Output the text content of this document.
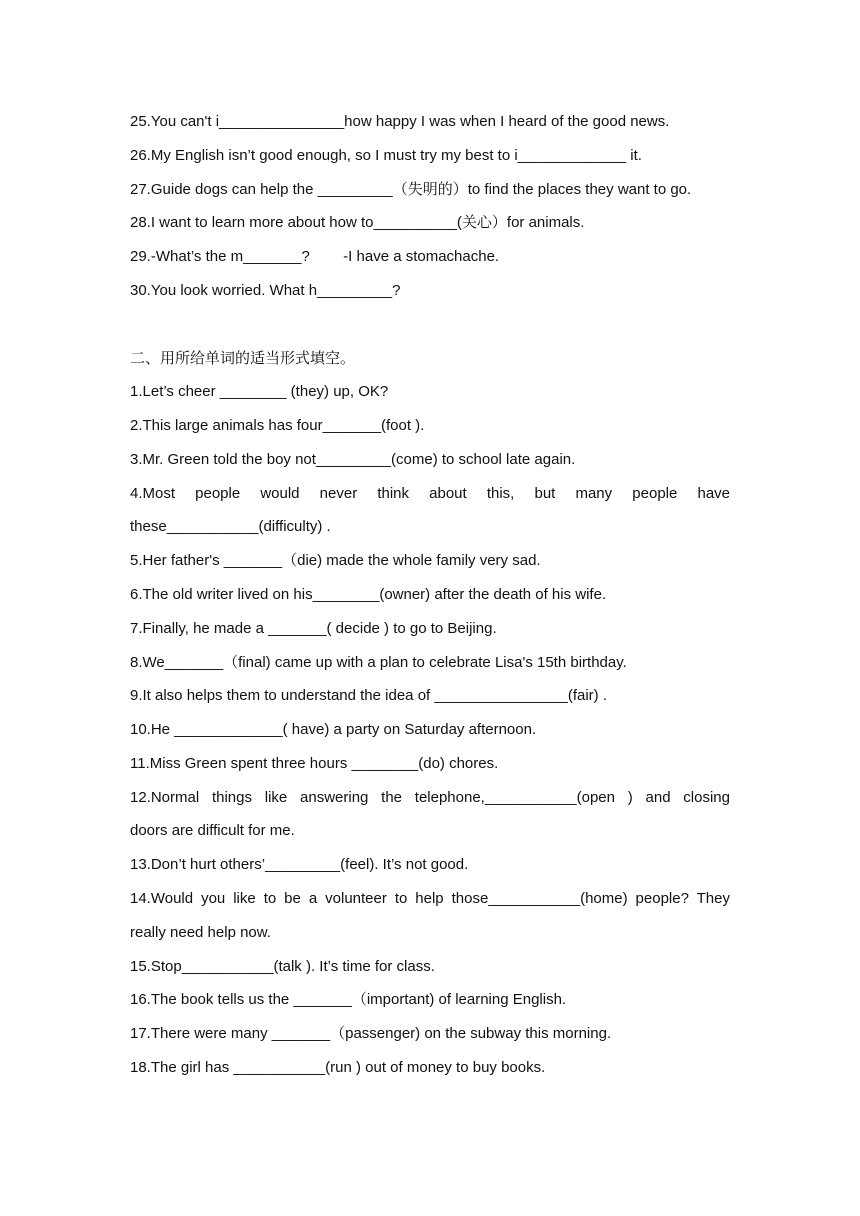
25.You can't i_______________how happy I was when I heard of the good news.
26.My English isn’t good enough, so I must try my best to i_____________ it.
27.Guide dogs can help the _________（失明的）to find the places they want to go.
28.I want to learn more about how to__________(关心）for animals.
29.-What’s the m_______?        -I have a stomachache.
30.You look worried. What h_________?
二、用所给单词的适当形式填空。
1.Let’s cheer ________ (they) up, OK?
2.This large animals has four_______(foot ).
3.Mr. Green told the boy not_________(come) to school late again.
4.Most people would never think about this, but many people have
these___________(difficulty) .
5.Her father's _______（die) made the whole family very sad.
6.The old writer lived on his________(owner) after the death of his wife.
7.Finally, he made a _______( decide ) to go to Beijing.
8.We_______（final) came up with a plan to celebrate Lisa's 15th birthday.
9.It also helps them to understand the idea of ________________(fair) .
10.He _____________( have) a party on Saturday afternoon.
11.Miss Green spent three hours ________(do) chores.
12.Normal things like answering the telephone,___________(open ) and closing
doors are difficult for me.
13.Don’t hurt others’_________(feel). It’s not good.
14.Would you like to be a volunteer to help those___________(home) people? They
really need help now.
15.Stop___________(talk ). It’s time for class.
16.The book tells us the _______（important) of learning English.
17.There were many _______（passenger) on the subway this morning.
18.The girl has ___________(run ) out of money to buy books.
